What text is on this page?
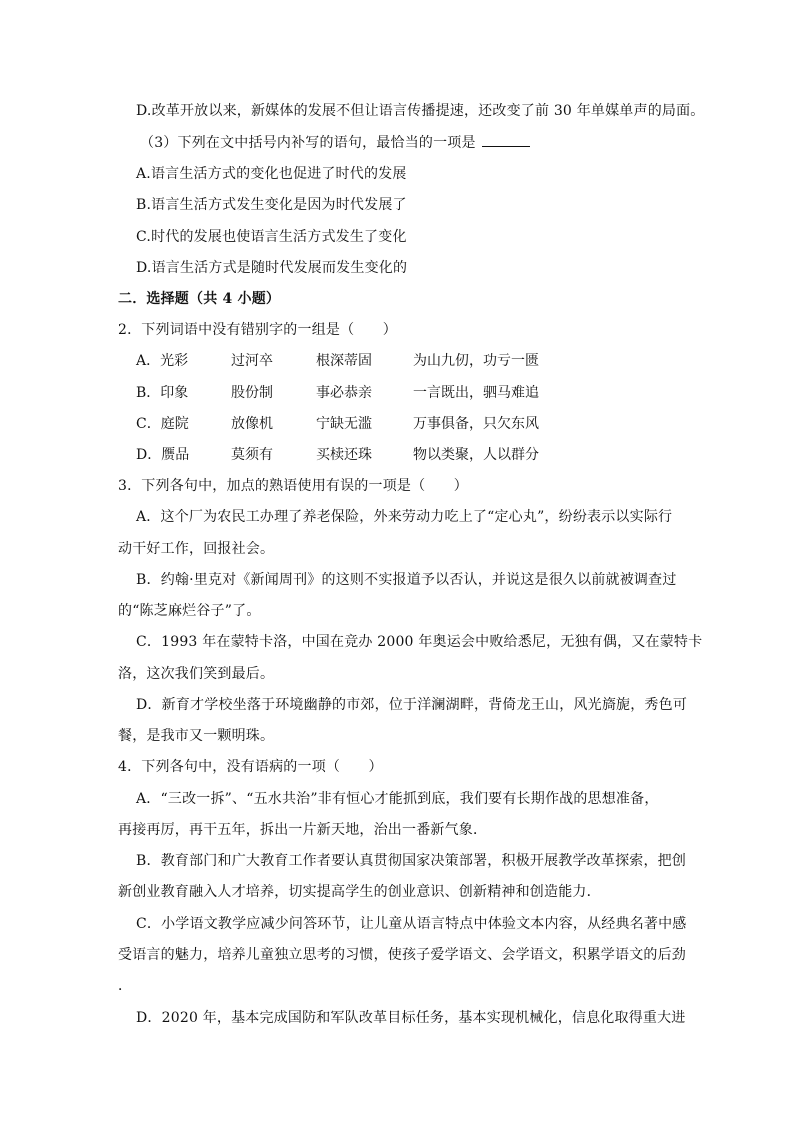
D.改革开放以来，新媒体的发展不但让语言传播提速，还改变了前 30 年单媒单声的局面。
（3）下列在文中括号内补写的语句，最恰当的一项是
A.语言生活方式的变化也促进了时代的发展
B.语言生活方式发生变化是因为时代发展了
C.时代的发展也使语言生活方式发生了变化
D.语言生活方式是随时代发展而发生变化的
二．选择题（共 4 小题）
2．下列词语中没有错别字的一组是（　　）
A．光彩	过河卒	根深蒂固	为山九仞，功亏一匮
B．印象	股份制	事必恭亲	一言既出，驷马难追
C．庭院	放像机	宁缺无滥	万事俱备，只欠东风
D．赝品	莫须有	买椟还珠	物以类聚，人以群分
3．下列各句中，加点的熟语使用有误的一项是（　　）
A．这个厂为农民工办理了养老保险，外来劳动力吃上了“定心丸”，纷纷表示以实际行
动干好工作，回报社会。
B．约翰·里克对《新闻周刊》的这则不实报道予以否认，并说这是很久以前就被调查过
的“陈芝麻烂谷子”了。
C．1993 年在蒙特卡洛，中国在竞办 2000 年奥运会中败给悉尼，无独有偶，又在蒙特卡
洛，这次我们笑到最后。
D．新育才学校坐落于环境幽静的市郊，位于洋澜湖畔，背倚龙王山，风光旖旎，秀色可
餐，是我市又一颗明珠。
4．下列各句中，没有语病的一项（　　）
A．“三改一拆”、“五水共治”非有恒心才能抓到底，我们要有长期作战的思想准备，
再接再厉，再干五年，拆出一片新天地，治出一番新气象．
B．教育部门和广大教育工作者要认真贯彻国家决策部署，积极开展教学改革探索，把创
新创业教育融入人才培养，切实提高学生的创业意识、创新精神和创造能力．
C．小学语文教学应减少问答环节，让儿童从语言特点中体验文本内容，从经典名著中感
受语言的魅力，培养儿童独立思考的习惯，使孩子爱学语文、会学语文，积累学语文的后劲
．
D．2020 年，基本完成国防和军队改革目标任务，基本实现机械化，信息化取得重大进
